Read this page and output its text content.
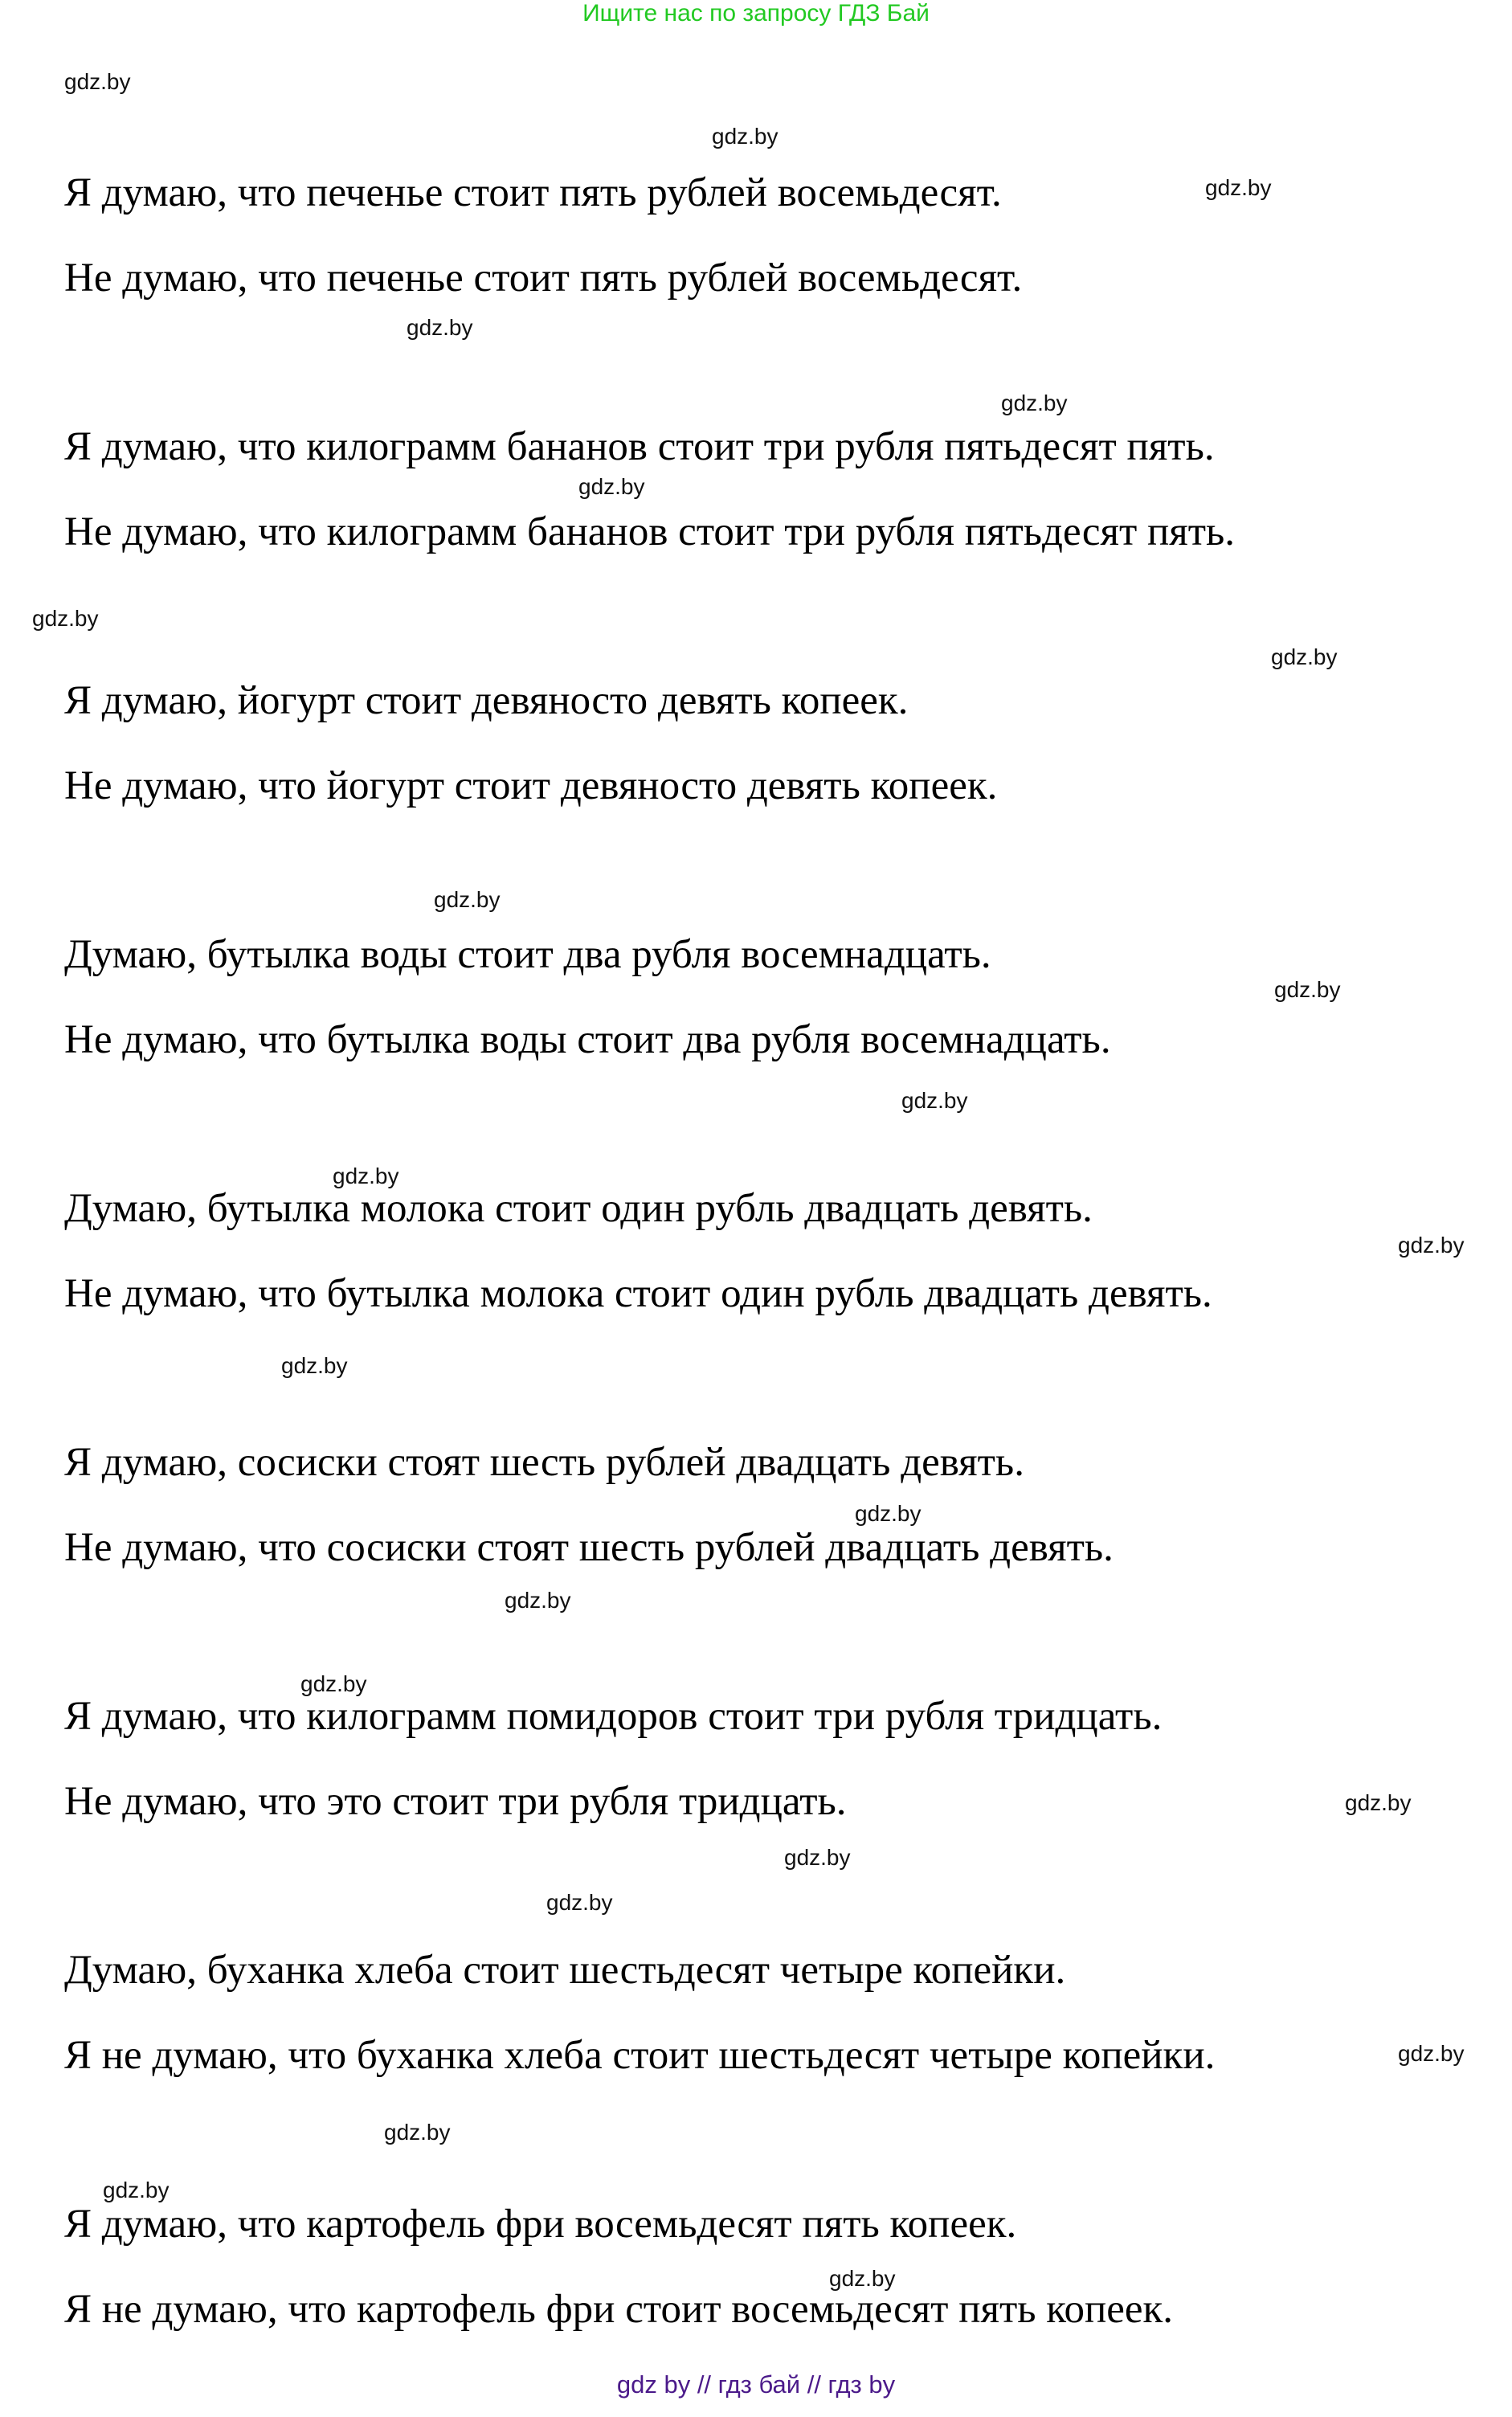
Ищите нас по запросу ГДЗ Бай
gdz.by
gdz.by
Я думаю, что печенье стоит пять рублей восемьдесят.	gdz.by
Не думаю, что печенье стоит пять рублей восемьдесят.
gdz.by
gdz.by
Я думаю, что килограмм бананов стоит три рубля пятьдесят пять.
gdz.by
Не думаю, что килограмм бананов стоит три рубля пятьдесят пять.
gdz.by
gdz.by
Я думаю, йогурт стоит девяносто девять копеек.
Не думаю, что йогурт стоит девяносто девять копеек.
gdz.by
Думаю, бутылка воды стоит два рубля восемнадцать.
gdz.by
Не думаю, что бутылка воды стоит два рубля восемнадцать.
gdz.by
gdz.by
Думаю, бутылка молока стоит один рубль двадцать девять.
gdz.by
Не думаю, что бутылка молока стоит один рубль двадцать девять.
gdz.by
Я думаю, сосиски стоят шесть рублей двадцать девять.
gdz.by
Не думаю, что сосиски стоят шесть рублей двадцать девять.
gdz.by
gdz.by
Я думаю, что килограмм помидоров стоит три рубля тридцать.
gdz.by
Не думаю, что это стоит три рубля тридцать.
gdz.by
gdz.by
Думаю, буханка хлеба стоит шестьдесят четыре копейки.
Я не думаю, что буханка хлеба стоит шестьдесят четыре копейки.	gdz.by
gdz.by
gdz.by
Я думаю, что картофель фри восемьдесят пять копеек.
gdz.by
Я не думаю, что картофель фри стоит восемьдесят пять копеек.
gdz by // гдз бай // гдз by
